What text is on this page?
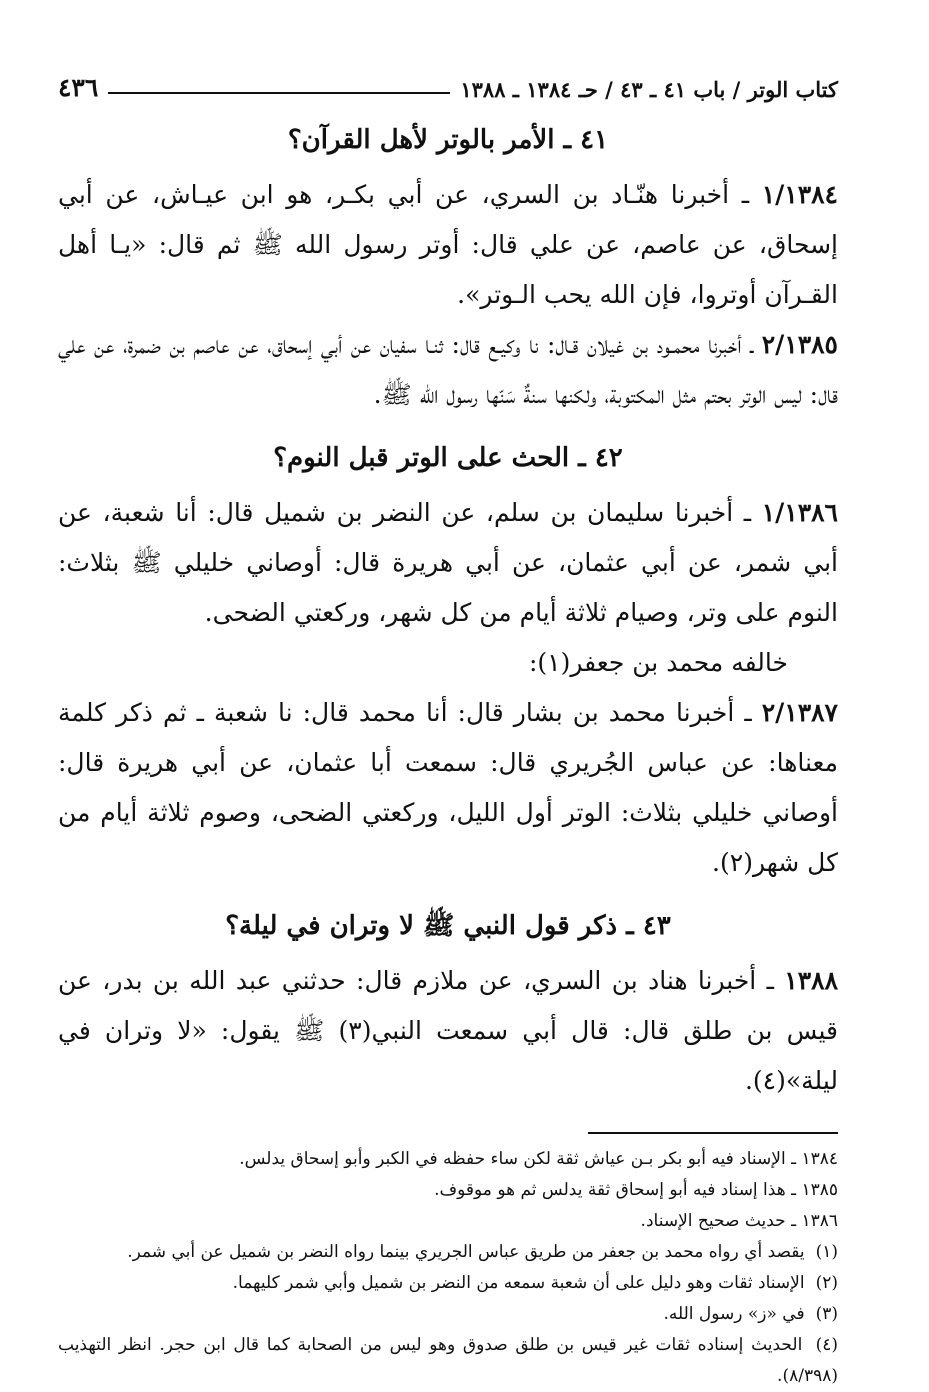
كتاب الوتر / باب ٤١ ـ ٤٣ / حـ ١٣٨٤ ـ ١٣٨٨
٤٣٦
٤١ ـ الأمر بالوتر لأهل القرآن؟

١/١٣٨٤ ـ أخبرنا هنّـاد بن السري، عن أبي بكـر، هو ابن عيـاش، عن أبي إسحاق، عن عاصم، عن علي قال: أوتر رسول الله ﷺ ثم قال: «يـا أهل القـرآن أوتروا، فإن الله يحب الـوتر».

٢/١٣٨٥ ـ أخبرنا محمـود بن غيلان قـال: نا وكيـع قال: ثنـا سفيان عن أبي إسحاق، عن عاصم بن ضمرة، عن علي قال: ليس الوتر بحتم مثل المكتوبة، ولكنها سنةٌ سَنّها رسول الله ﷺ.

٤٢ ـ الحث على الوتر قبل النوم؟

١/١٣٨٦ ـ أخبرنا سليمان بن سلم، عن النضر بن شميل قال: أنا شعبة، عن أبي شمر، عن أبي عثمان، عن أبي هريرة قال: أوصاني خليلي ﷺ بثلاث: النوم على وتر، وصيام ثلاثة أيام من كل شهر، وركعتي الضحى.

خالفه محمد بن جعفر(١):

٢/١٣٨٧ ـ أخبرنا محمد بن بشار قال: أنا محمد قال: نا شعبة ـ ثم ذكر كلمة معناها: عن عباس الجُريري قال: سمعت أبا عثمان، عن أبي هريرة قال: أوصاني خليلي بثلاث: الوتر أول الليل، وركعتي الضحى، وصوم ثلاثة أيام من كل شهر(٢).

٤٣ ـ ذكر قول النبي ﷺ لا وتران في ليلة؟

١٣٨٨ ـ أخبرنا هناد بن السري، عن ملازم قال: حدثني عبد الله بن بدر، عن قيس بن طلق قال: قال أبي سمعت النبي(٣) ﷺ يقول: «لا وتران في ليلة»(٤).

١٣٨٤ ـ الإسناد فيه أبو بكر بـن عياش ثقة لكن ساء حفظه في الكبر وأبو إسحاق يدلس.

١٣٨٥ ـ هذا إسناد فيه أبو إسحاق ثقة يدلس ثم هو موقوف.

١٣٨٦ ـ حديث صحيح الإسناد.

(١) يقصد أي رواه محمد بن جعفر من طريق عباس الجريري بينما رواه النضر بن شميل عن أبي شمر.

(٢) الإسناد ثقات وهو دليل على أن شعبة سمعه من النضر بن شميل وأبي شمر كليهما.

(٣) في «ز» رسول الله.

(٤) الحديث إسناده ثقات غير قيس بن طلق صدوق وهو ليس من الصحابة كما قال ابن حجر. انظر التهذيب (٨/٣٩٨).
